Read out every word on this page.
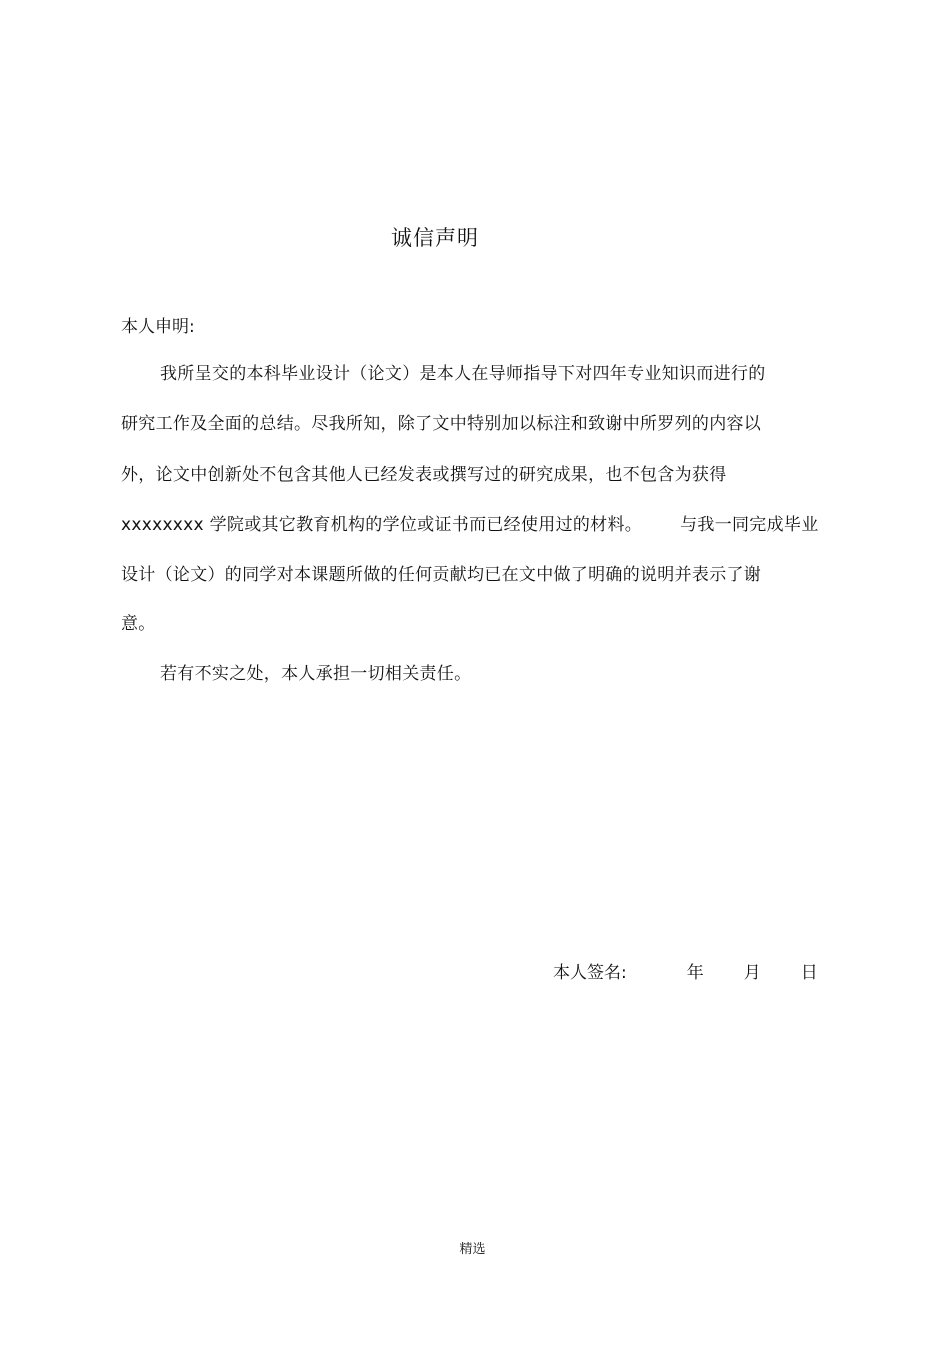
诚信声明
本人申明:
我所呈交的本科毕业设计（论文）是本人在导师指导下对四年专业知识而进行的
研究工作及全面的总结。尽我所知，除了文中特别加以标注和致谢中所罗列的内容以
外，论文中创新处不包含其他人已经发表或撰写过的研究成果，也不包含为获得
xxxxxxxx 学院或其它教育机构的学位或证书而已经使用过的材料。 与我一同完成毕业
设计（论文）的同学对本课题所做的任何贡献均已在文中做了明确的说明并表示了谢
意。
若有不实之处，本人承担一切相关责任。
本人签名:	年 月 日
精选
